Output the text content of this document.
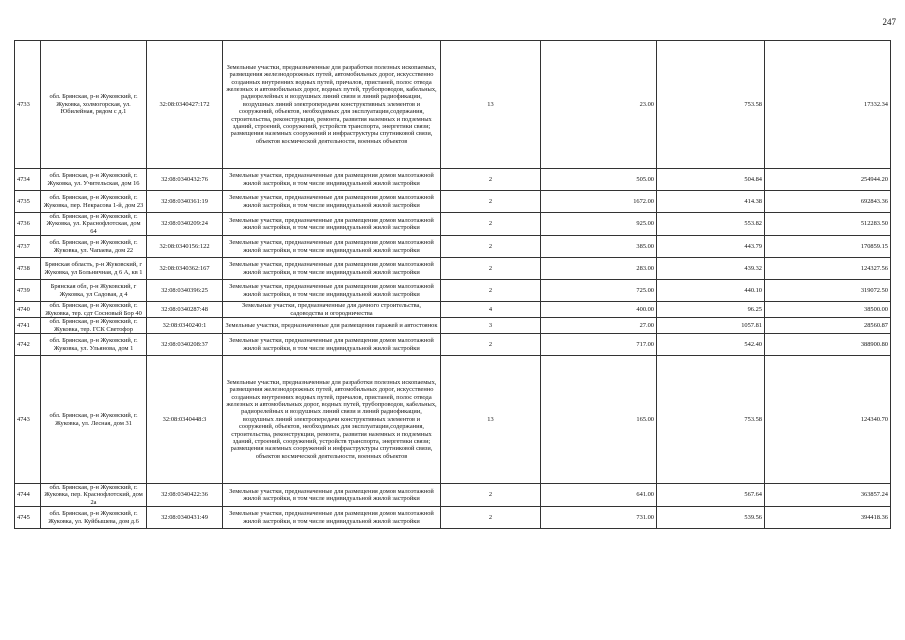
247
4733	обл. Брянская, р-н Жуковский, г. Жуковка, холмогорская, ул. Юбилейная, рядом с д.1	32:08:0340427:172	Земельные участки, предназначенные для разработки полезных ископаемых, размещения железнодорожных путей, автомобильных дорог, искусственно созданных внутренних водных путей, причалов, пристаней, полос отвода железных и автомобильных дорог, водных путей, трубопроводов, кабельных, радиорелейных и воздушных линий связи и линий радиофикации, воздушных линий электропередачи конструктивных элементов и сооружений, объектов, необходимых для эксплуатации,содержания, строительства, реконструкции, ремонта, развития наземных и подземных зданий, строений, сооружений, устройств транспорта, энергетики связи; размещения наземных сооружений и инфраструктуры спутниковой связи, объектов космической деятельности, военных объектов	13	23.00	753.58	17332.34
4734	обл. Брянская, р-н Жуковский, г. Жуковка, ул. Учительская, дом 16	32:08:0340432:76	Земельные участки, предназначенные для размещения домов малоэтажной жилой застройки, в том числе индивидуальной жилой застройки	2	505.00	504.84	254944.20
4735	обл. Брянская, р-н Жуковский, г. Жуковка, пер. Некрасова 1-й, дом 23	32:08:0340361:19	Земельные участки, предназначенные для размещения домов малоэтажной жилой застройки, в том числе индивидуальной жилой застройки	2	1672.00	414.38	692843.36
4736	обл. Брянская, р-н Жуковский, г. Жуковка, ул. Краснофлотская, дом 64	32:08:0340209:24	Земельные участки, предназначенные для размещения домов малоэтажной жилой застройки, в том числе индивидуальной жилой застройки	2	925.00	553.82	512283.50
4737	обл. Брянская, р-н Жуковский, г. Жуковка, ул. Чапаева, дом 22	32:08:0340156:122	Земельные участки, предназначенные для размещения домов малоэтажной жилой застройки, в том числе индивидуальной жилой застройки	2	385.00	443.79	170859.15
4738	Брянская область, р-н Жуковский, г Жуковка, ул Больничная, д 6 А, кв 1	32:08:0340362:167	Земельные участки, предназначенные для размещения домов малоэтажной жилой застройки, в том числе индивидуальной жилой застройки	2	283.00	439.32	124327.56
4739	Брянская обл, р-н Жуковский, г Жуковка, ул Садовая, д 4	32:08:0340396:25	Земельные участки, предназначенные для размещения домов малоэтажной жилой застройки, в том числе индивидуальной жилой застройки	2	725.00	440.10	319072.50
4740	обл. Брянская, р-н Жуковский, г. Жуковка, тер. сдт Сосновый Бор 40	32:08:0340287:48	Земельные участки, предназначенные для дачного строительства, садоводства и огородничества	4	400.00	96.25	38500.00
4741	обл. Брянская, р-н Жуковский, г. Жуковка, тер. ГСК Светофор	32:08:0340240:1	Земельные участки, предназначенные для размещения гаражей и автостоянок	3	27.00	1057.81	28560.87
4742	обл. Брянская, р-н Жуковский, г. Жуковка, ул. Ульянова, дом 1	32:08:0340208:37	Земельные участки, предназначенные для размещения домов малоэтажной жилой застройки, в том числе индивидуальной жилой застройки	2	717.00	542.40	388900.80
4743	обл. Брянская, р-н Жуковский, г. Жуковка, ул. Лесная, дом 31	32:08:0340448:3	Земельные участки, предназначенные для разработки полезных ископаемых, размещения железнодорожных путей, автомобильных дорог, искусственно созданных внутренних водных путей, причалов, пристаней, полос отвода железных и автомобильных дорог, водных путей, трубопроводов, кабельных, радиорелейных и воздушных линий связи и линий радиофикации, воздушных линий электропередачи конструктивных элементов и сооружений, объектов, необходимых для эксплуатации,содержания, строительства, реконструкции, ремонта, развития наземных и подземных зданий, строений, сооружений, устройств транспорта, энергетики связи; размещения наземных сооружений и инфраструктуры спутниковой связи, объектов космической деятельности, военных объектов	13	165.00	753.58	124340.70
4744	обл. Брянская, р-н Жуковский, г. Жуковка, пер. Краснофлотский, дом 2а	32:08:0340422:36	Земельные участки, предназначенные для размещения домов малоэтажной жилой застройки, в том числе индивидуальной жилой застройки	2	641.00	567.64	363857.24
4745	обл. Брянская, р-н Жуковский, г. Жуковка, ул. Куйбышева, дом д.6	32:08:0340431:49	Земельные участки, предназначенные для размещения домов малоэтажной жилой застройки, в том числе индивидуальной жилой застройки	2	731.00	539.56	394418.36
